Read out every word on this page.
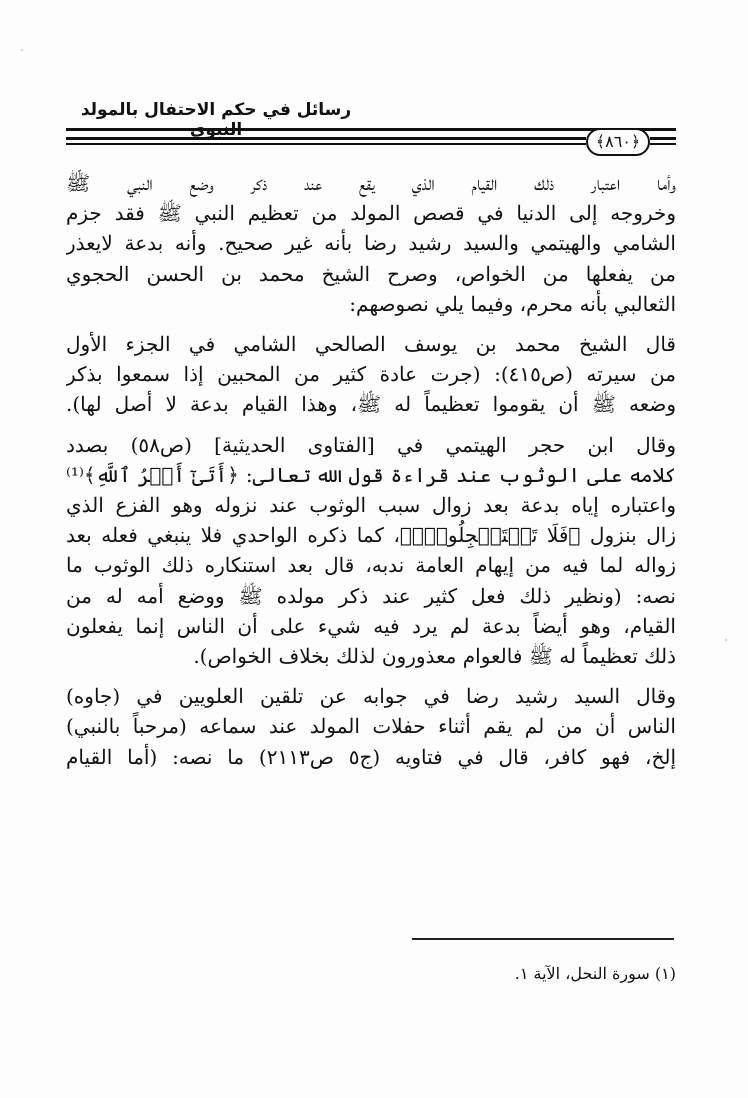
رسائل في حكم الاحتفال بالمولد
﴿٨٦٠﴾

وأما اعتبار ذلك القيام الذي يقع عند ذكر وضع النبي ﷺ
وخروجه إلى الدنيا في قصص المولد من تعظيم النبي ﷺ فقد جزم
الشامي والهيتمي والسيد رشيد رضا بأنه غير صحيح. وأنه بدعة لايعذر
من يفعلها من الخواص، وصرح الشيخ محمد بن الحسن الحجوي
الثعالبي بأنه محرم، وفيما يلي نصوصهم:

قال الشيخ محمد بن يوسف الصالحي الشامي في الجزء الأول
من سيرته (ص٤١٥): (جرت عادة كثير من المحبين إذا سمعوا بذكر
وضعه ﷺ أن يقوموا تعظيماً له ﷺ، وهذا القيام بدعة لا أصل لها).

وقال ابن حجر الهيتمي في [الفتاوى الحديثية] (ص٥٨) بصدد
كلامه على الوثوب عند قراءة قول الله تعالى: ﴿أَتَىٰٓ أَمۡرُ ٱللَّهِ﴾⁽¹⁾
واعتباره إياه بدعة بعد زوال سبب الوثوب عند نزوله وهو الفزع الذي
زال بنزول ﴿فَلَا تَسۡتَعۡجِلُوهُۚ﴾، كما ذكره الواحدي فلا ينبغي فعله بعد
زواله لما فيه من إيهام العامة ندبه، قال بعد استنكاره ذلك الوثوب ما
نصه: (ونظير ذلك فعل كثير عند ذكر مولده ﷺ ووضع أمه له من
القيام، وهو أيضاً بدعة لم يرد فيه شيء على أن الناس إنما يفعلون
ذلك تعظيماً له ﷺ فالعوام معذورون لذلك بخلاف الخواص).

وقال السيد رشيد رضا في جوابه عن تلقين العلويين في (جاوه)
الناس أن من لم يقم أثناء حفلات المولد عند سماعه (مرحباً بالنبي)
إلخ، فهو كافر، قال في فتاويه (ج٥ ص٢١١٣) ما نصه: (أما القيام

(١) سورة النحل، الآية ١.
